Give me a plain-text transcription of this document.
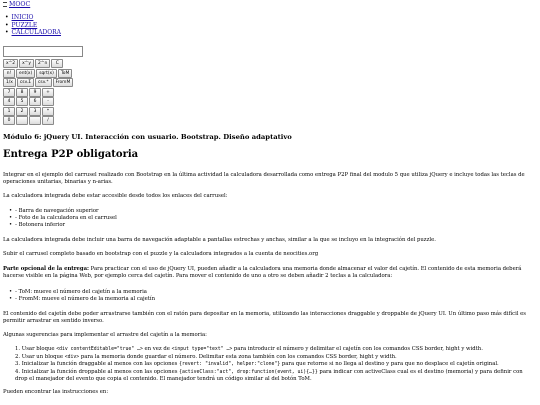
MOOC
• INICIO
• PUZZLE
• CALCULADORA
x^2 x^y 2^n C
n! ent(x) sqrt(x) ToM
1/x csv.Σ csv.* FromM
7 8 9 +
4 5 6 -
1 2 3 *
0	/
Módulo 6: jQuery UI. Interacción con usuario. Bootstrap. Diseño adaptativo
Entrega P2P obligatoria

Integrar en el ejemplo del carrusel realizado con Bootstrap en la última actividad la calculadora desarrollada como entrega P2P final del modulo 5 que utiliza jQuery e incluye todas las teclas de operaciones unitarias, binarias y n-arias.

La calculadora integrada debe estar accesible desde todos los enlaces del carrusel:

• - Barra de navegación superior
• - Foto de la calculadora en el carrusel
• - Botonera inferior

La calculadora integrada debe incluir una barra de navegación adaptable a pantallas estrechas y anchas, similar a la que se incluyo en la integración del puzzle.

Subir el carrusel completo basado en bootstrap con el puzzle y la calculadora integrados a la cuenta de neocities.org

Parte opcional de la entrega: Para practicar con el uso de jQuery UI, pueden añadir a la calculadora una memoria donde almacenar el valor del cajetín. El contenido de esta memoria deberá hacerse visible en la página Web, por ejemplo cerca del cajetín. Para mover el contenido de uno a otro se deben añadir 2 teclas a la calculadora:

• - ToM: mueve el número del cajetín a la memoria
• - FromM: mueve el número de la memoria al cajetín

El contenido del cajetín debe poder arrastrarse también con el ratón para depositar en la memoria, utilizando las interacciones draggable y droppable de jQuery UI. Un último paso más difícil es permitir arrastrar en sentido inverso.

Algunas sugerencias para implementar el arrastre del cajetín a la memoria:

1. Usar bloque <div contentEditable="true" …> en vez de <input type="text" …> para introducir el número y delimitar el cajetín con los comandos CSS border, hight y width.
2. Usar un bloque <div> para la memoria donde guardar el número. Delimitar esta zona también con los comandos CSS border, hight y width.
3. Inicializar la función draggable al menos con las opciones {revert: "invalid", helper:"clone"} para que retorne si no llega al destino y para que no desplace el cajetín original.
4. Inicializar la función droppable al menos con las opciones {activeClass:"act", drop:function(event, ui){…}} para indicar con activeClass cual es el destino (memoria) y para definir con drop el manejador del evento que copia el contenido. El manejador tendrá un código similar al del botón ToM.

Pueden encontrar las instrucciones en:
